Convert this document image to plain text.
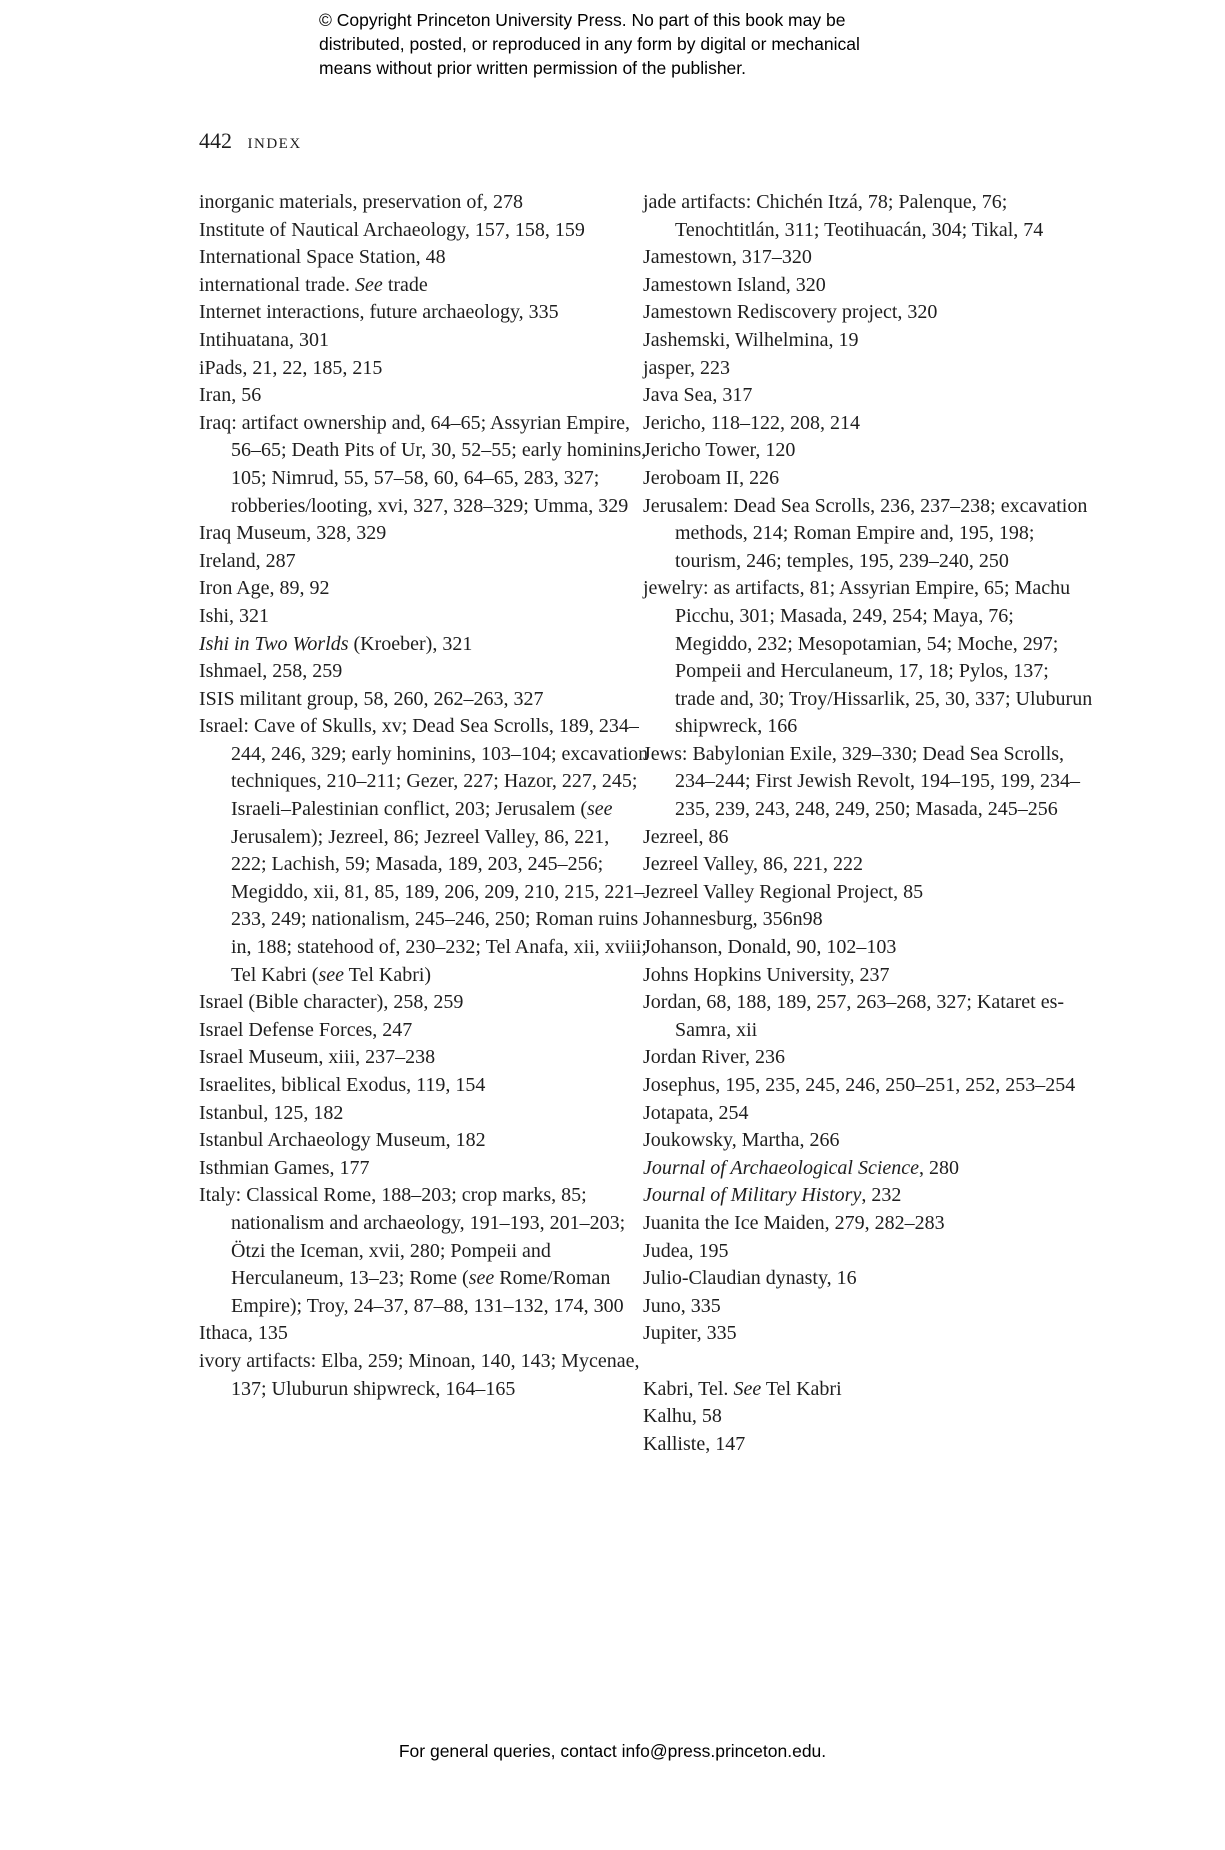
© Copyright Princeton University Press. No part of this book may be
distributed, posted, or reproduced in any form by digital or mechanical
means without prior written permission of the publisher.
442 index
inorganic materials, preservation of, 278
Institute of Nautical Archaeology, 157, 158, 159
International Space Station, 48
international trade. See trade
Internet interactions, future archaeology, 335
Intihuatana, 301
iPads, 21, 22, 185, 215
Iran, 56
Iraq: artifact ownership and, 64–65; Assyrian Empire, 56–65; Death Pits of Ur, 30, 52–55; early hominins, 105; Nimrud, 55, 57–58, 60, 64–65, 283, 327; robberies/looting, xvi, 327, 328–329; Umma, 329
Iraq Museum, 328, 329
Ireland, 287
Iron Age, 89, 92
Ishi, 321
Ishi in Two Worlds (Kroeber), 321
Ishmael, 258, 259
ISIS militant group, 58, 260, 262–263, 327
Israel: Cave of Skulls, xv; Dead Sea Scrolls, 189, 234–244, 246, 329; early hominins, 103–104; excavation techniques, 210–211; Gezer, 227; Hazor, 227, 245; Israeli–Palestinian conflict, 203; Jerusalem (see Jerusalem); Jezreel, 86; Jezreel Valley, 86, 221, 222; Lachish, 59; Masada, 189, 203, 245–256; Megiddo, xii, 81, 85, 189, 206, 209, 210, 215, 221–233, 249; nationalism, 245–246, 250; Roman ruins in, 188; statehood of, 230–232; Tel Anafa, xii, xviii; Tel Kabri (see Tel Kabri)
Israel (Bible character), 258, 259
Israel Defense Forces, 247
Israel Museum, xiii, 237–238
Israelites, biblical Exodus, 119, 154
Istanbul, 125, 182
Istanbul Archaeology Museum, 182
Isthmian Games, 177
Italy: Classical Rome, 188–203; crop marks, 85; nationalism and archaeology, 191–193, 201–203; Ötzi the Iceman, xvii, 280; Pompeii and Herculaneum, 13–23; Rome (see Rome/Roman Empire); Troy, 24–37, 87–88, 131–132, 174, 300
Ithaca, 135
ivory artifacts: Elba, 259; Minoan, 140, 143; Mycenae, 137; Uluburun shipwreck, 164–165
jade artifacts: Chichén Itzá, 78; Palenque, 76; Tenochtitlán, 311; Teotihuacán, 304; Tikal, 74
Jamestown, 317–320
Jamestown Island, 320
Jamestown Rediscovery project, 320
Jashemski, Wilhelmina, 19
jasper, 223
Java Sea, 317
Jericho, 118–122, 208, 214
Jericho Tower, 120
Jeroboam II, 226
Jerusalem: Dead Sea Scrolls, 236, 237–238; excavation methods, 214; Roman Empire and, 195, 198; tourism, 246; temples, 195, 239–240, 250
jewelry: as artifacts, 81; Assyrian Empire, 65; Machu Picchu, 301; Masada, 249, 254; Maya, 76; Megiddo, 232; Mesopotamian, 54; Moche, 297; Pompeii and Herculaneum, 17, 18; Pylos, 137; trade and, 30; Troy/Hissarlik, 25, 30, 337; Uluburun shipwreck, 166
Jews: Babylonian Exile, 329–330; Dead Sea Scrolls, 234–244; First Jewish Revolt, 194–195, 199, 234–235, 239, 243, 248, 249, 250; Masada, 245–256
Jezreel, 86
Jezreel Valley, 86, 221, 222
Jezreel Valley Regional Project, 85
Johannesburg, 356n98
Johanson, Donald, 90, 102–103
Johns Hopkins University, 237
Jordan, 68, 188, 189, 257, 263–268, 327; Kataret es-Samra, xii
Jordan River, 236
Josephus, 195, 235, 245, 246, 250–251, 252, 253–254
Jotapata, 254
Joukowsky, Martha, 266
Journal of Archaeological Science, 280
Journal of Military History, 232
Juanita the Ice Maiden, 279, 282–283
Judea, 195
Julio-Claudian dynasty, 16
Juno, 335
Jupiter, 335
Kabri, Tel. See Tel Kabri
Kalhu, 58
Kalliste, 147
For general queries, contact info@press.princeton.edu.
